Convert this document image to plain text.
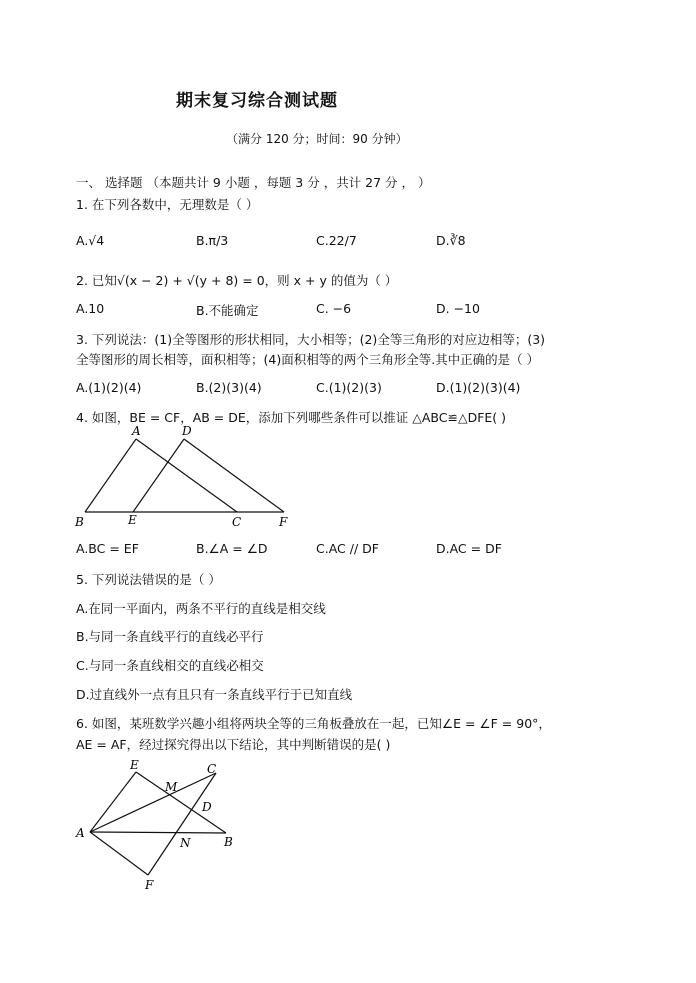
期末复习综合测试题
（满分 120 分；时间：90 分钟）
一、 选择题 （本题共计 9 小题 ，每题 3 分 ，共计 27 分 ， ）
1. 在下列各数中，无理数是（ ）
A.√4	B.π/3	C.22/7	D.∛8
2. 已知√(x − 2) + √(y + 8) = 0，则 x + y 的值为（ ）
A.10	B.不能确定	C. −6	D. −10
3. 下列说法：(1)全等图形的形状相同，大小相等；(2)全等三角形的对应边相等；(3)
全等图形的周长相等，面积相等；(4)面积相等的两个三角形全等.其中正确的是（ ）
A.(1)(2)(4)	B.(2)(3)(4)	C.(1)(2)(3)	D.(1)(2)(3)(4)
4. 如图，BE = CF，AB = DE，添加下列哪些条件可以推证 △ABC≌△DFE( )
A	D
B	E	C	F
A.BC = EF	B.∠A = ∠D	C.AC // DF	D.AC = DF
5. 下列说法错误的是（ ）
A.在同一平面内，两条不平行的直线是相交线
B.与同一条直线平行的直线必平行
C.与同一条直线相交的直线必相交
D.过直线外一点有且只有一条直线平行于已知直线
6. 如图，某班数学兴趣小组将两块全等的三角板叠放在一起，已知∠E = ∠F = 90°，
AE = AF，经过探究得出以下结论，其中判断错误的是( )
E	C
M
D
A
N	B
F
